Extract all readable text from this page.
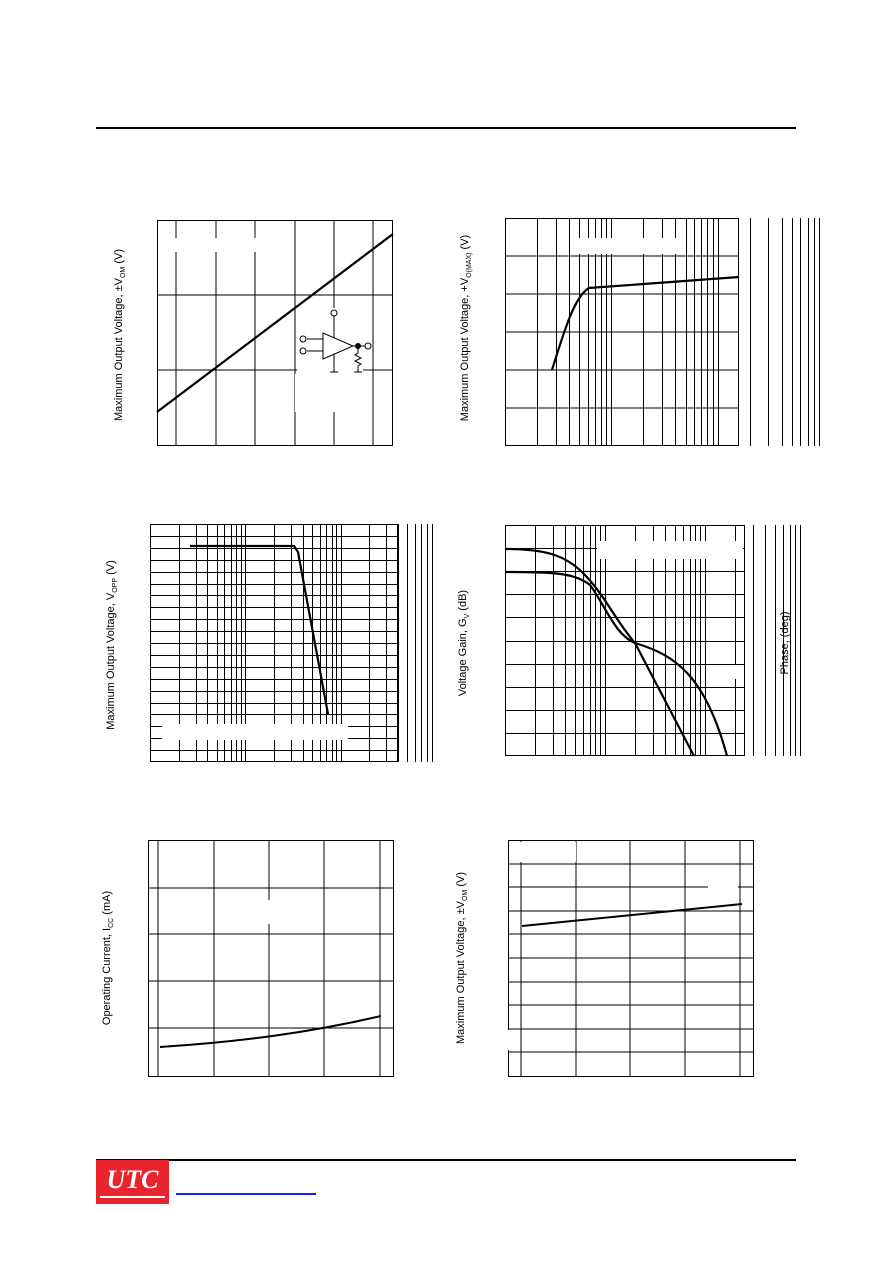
Maximum Output Voltage, $\pm V_{OM}$ (V)
Maximum Output Voltage, $+V_{O(MAX)}$ (V)
Maximum Output Voltage, $V_{OPP}$ (V)
Voltage Gain, $G_V$ (dB)
Phase, (deg)
Operating Current, $I_{CC}$ (mA)	Maximum Output Voltage, $\pm V_{OM}$ (V)
UTC
